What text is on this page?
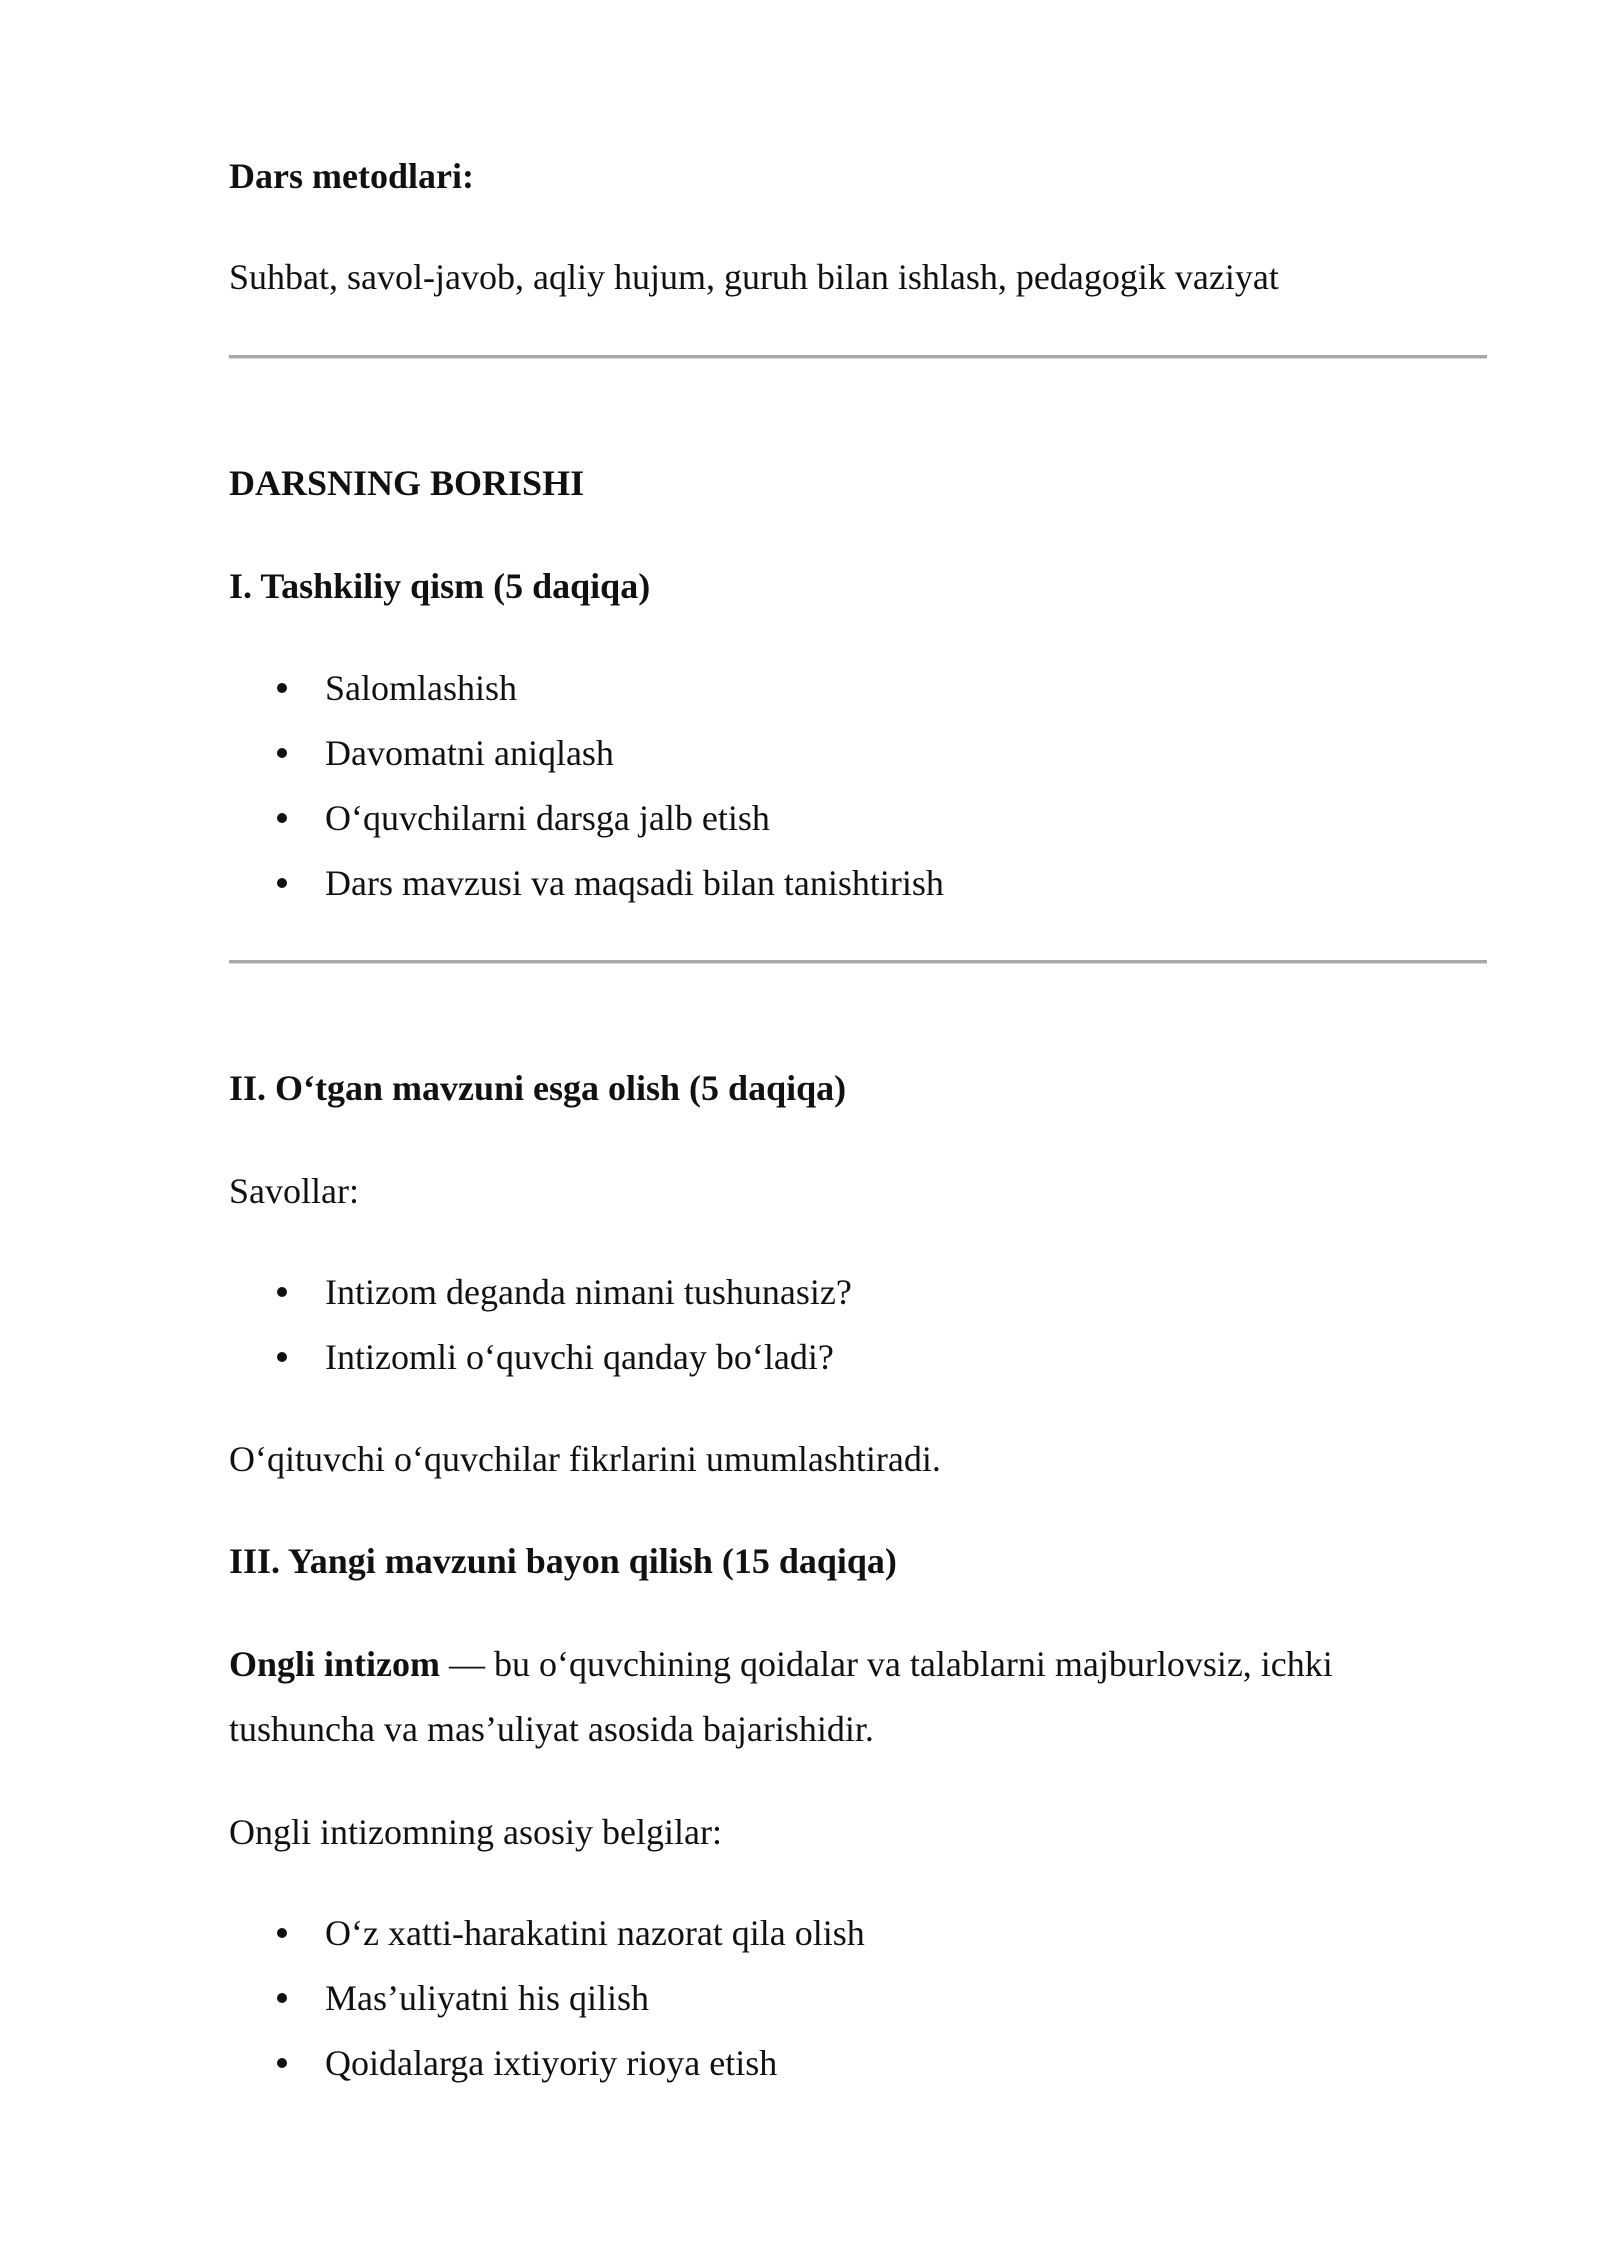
Dars metodlari:
Suhbat, savol-javob, aqliy hujum, guruh bilan ishlash, pedagogik vaziyat
DARSNING BORISHI
I. Tashkiliy qism (5 daqiqa)
Salomlashish
Davomatni aniqlash
O‘quvchilarni darsga jalb etish
Dars mavzusi va maqsadi bilan tanishtirish
II. O‘tgan mavzuni esga olish (5 daqiqa)
Savollar:
Intizom deganda nimani tushunasiz?
Intizomli o‘quvchi qanday bo‘ladi?
O‘qituvchi o‘quvchilar fikrlarini umumlashtiradi.
III. Yangi mavzuni bayon qilish (15 daqiqa)
Ongli intizom — bu o‘quvchining qoidalar va talablarni majburlovsiz, ichki
tushuncha va mas’uliyat asosida bajarishidir.
Ongli intizomning asosiy belgilar:
O‘z xatti-harakatini nazorat qila olish
Mas’uliyatni his qilish
Qoidalarga ixtiyoriy rioya etish
